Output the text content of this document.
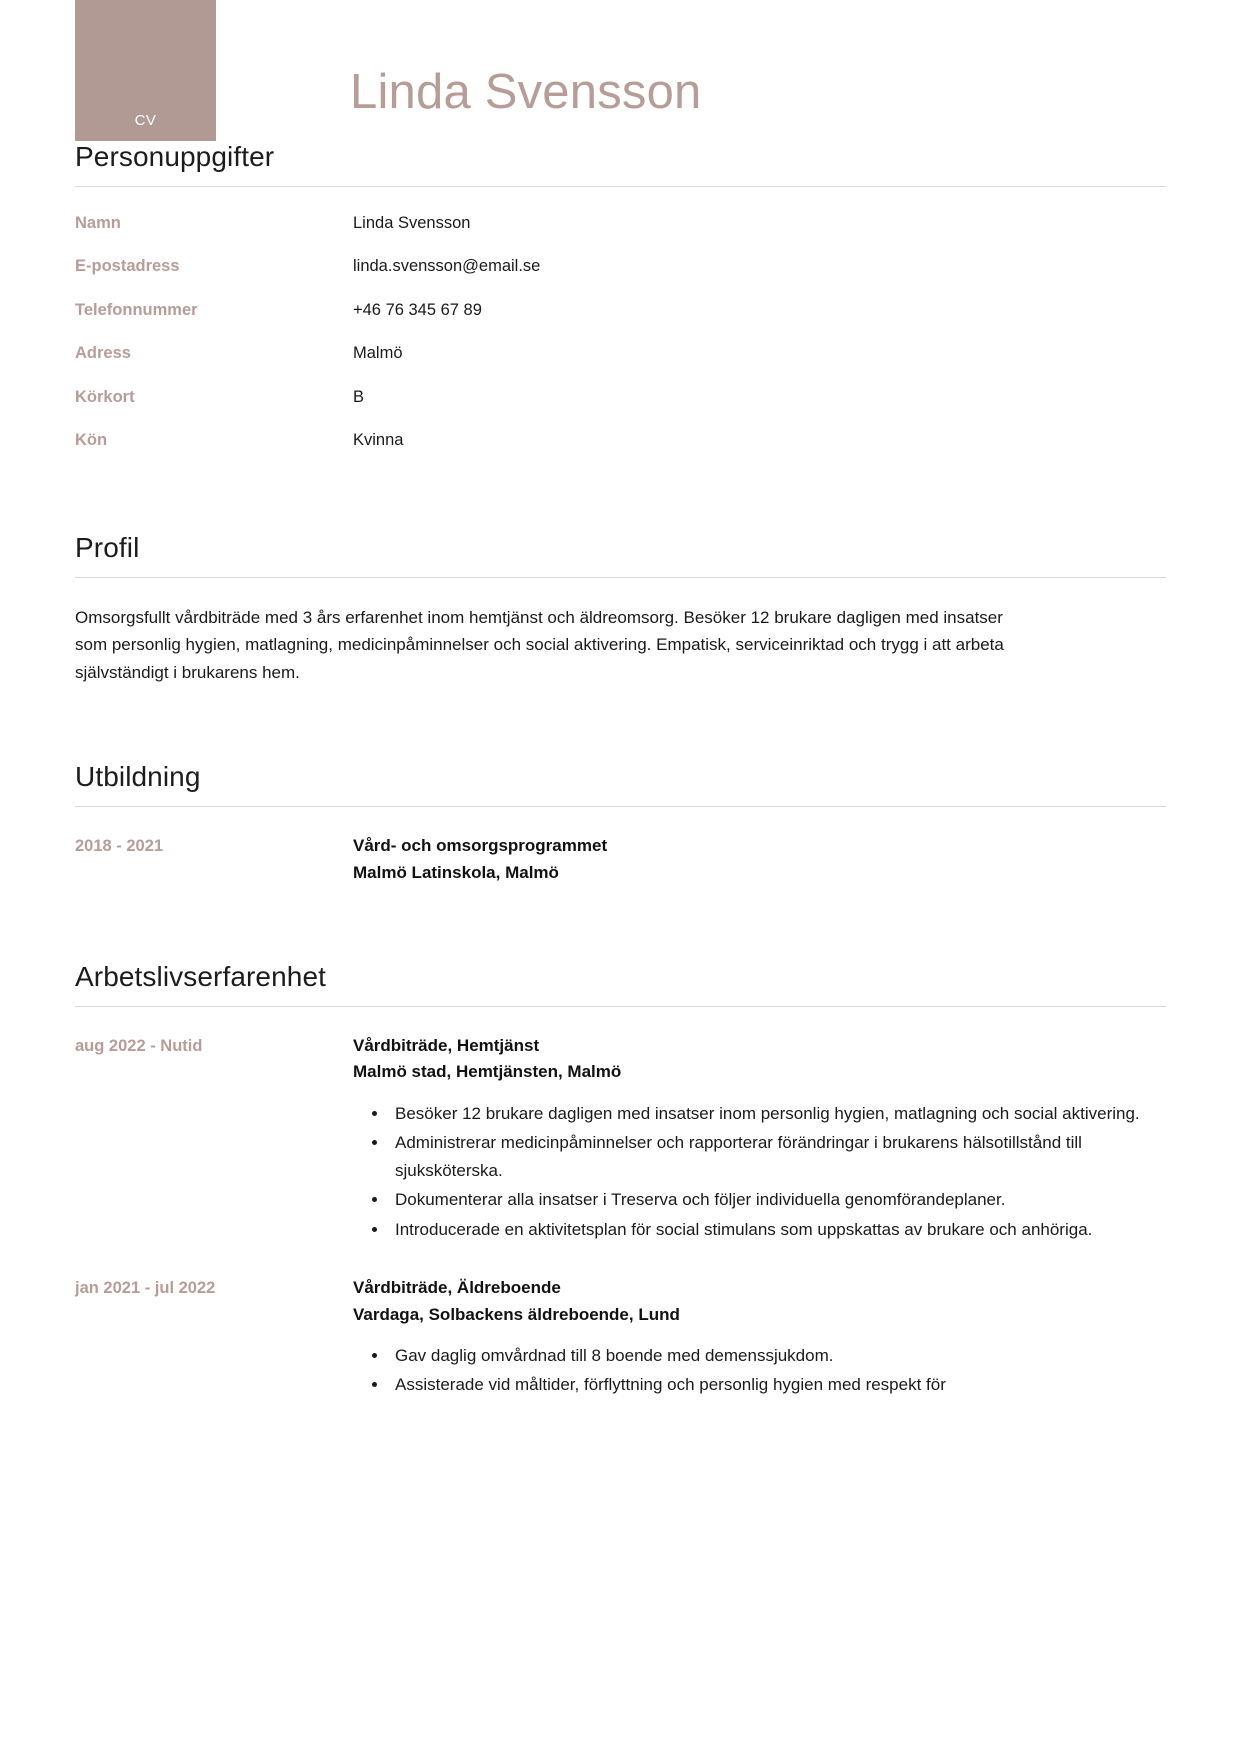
CV
Linda Svensson
Personuppgifter
Namn	Linda Svensson
E-postadress	linda.svensson@email.se
Telefonnummer	+46 76 345 67 89
Adress	Malmö
Körkort	B
Kön	Kvinna
Profil
Omsorgsfullt vårdbiträde med 3 års erfarenhet inom hemtjänst och äldreomsorg. Besöker 12 brukare dagligen med insatser som personlig hygien, matlagning, medicinpåminnelser och social aktivering. Empatisk, serviceinriktad och trygg i att arbeta självständigt i brukarens hem.
Utbildning
2018 - 2021	Vård- och omsorgsprogrammet
Malmö Latinskola, Malmö
Arbetslivserfarenhet
aug 2022 - Nutid	Vårdbiträde, Hemtjänst
Malmö stad, Hemtjänsten, Malmö
• Besöker 12 brukare dagligen med insatser inom personlig hygien, matlagning och social aktivering.
• Administrerar medicinpåminnelser och rapporterar förändringar i brukarens hälsotillstånd till sjuksköterska.
• Dokumenterar alla insatser i Treserva och följer individuella genomförandeplaner.
• Introducerade en aktivitetsplan för social stimulans som uppskattas av brukare och anhöriga.
jan 2021 - jul 2022	Vårdbiträde, Äldreboende
Vardaga, Solbackens äldreboende, Lund
• Gav daglig omvårdnad till 8 boende med demenssjukdom.
• Assisterade vid måltider, förflyttning och personlig hygien med respekt för
